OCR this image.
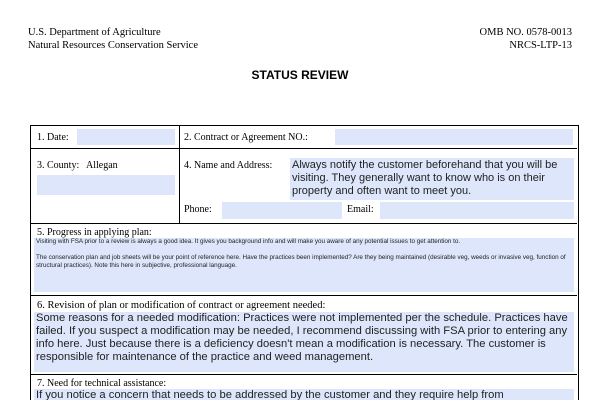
U.S. Department of Agriculture
Natural Resources Conservation Service
OMB NO. 0578-0013
NRCS-LTP-13
STATUS REVIEW
1. Date:	2. Contract or Agreement NO.:
3. County: Allegan	4. Name and Address: Always notify the customer beforehand that you will be visiting. They generally want to know who is on their property and often want to meet you.
Phone:	Email:
5. Progress in applying plan:
Visiting with FSA prior to a review is always a good idea. It gives you background info and will make you aware of any potential issues to get attention to.
The conservation plan and job sheets will be your point of reference here. Have the practices been implemented? Are they being maintained (desirable veg, weeds or invasive veg, function of structural practices). Note this here in subjective, professional language.
6. Revision of plan or modification of contract or agreement needed:
Some reasons for a needed modification: Practices were not implemented per the schedule. Practices have failed. If you suspect a modification may be needed, I recommend discussing with FSA prior to entering any info here. Just because there is a deficiency doesn't mean a modification is necessary. The customer is responsible for maintenance of the practice and weed management.
7. Need for technical assistance:
If you notice a concern that needs to be addressed by the customer and they require help from
